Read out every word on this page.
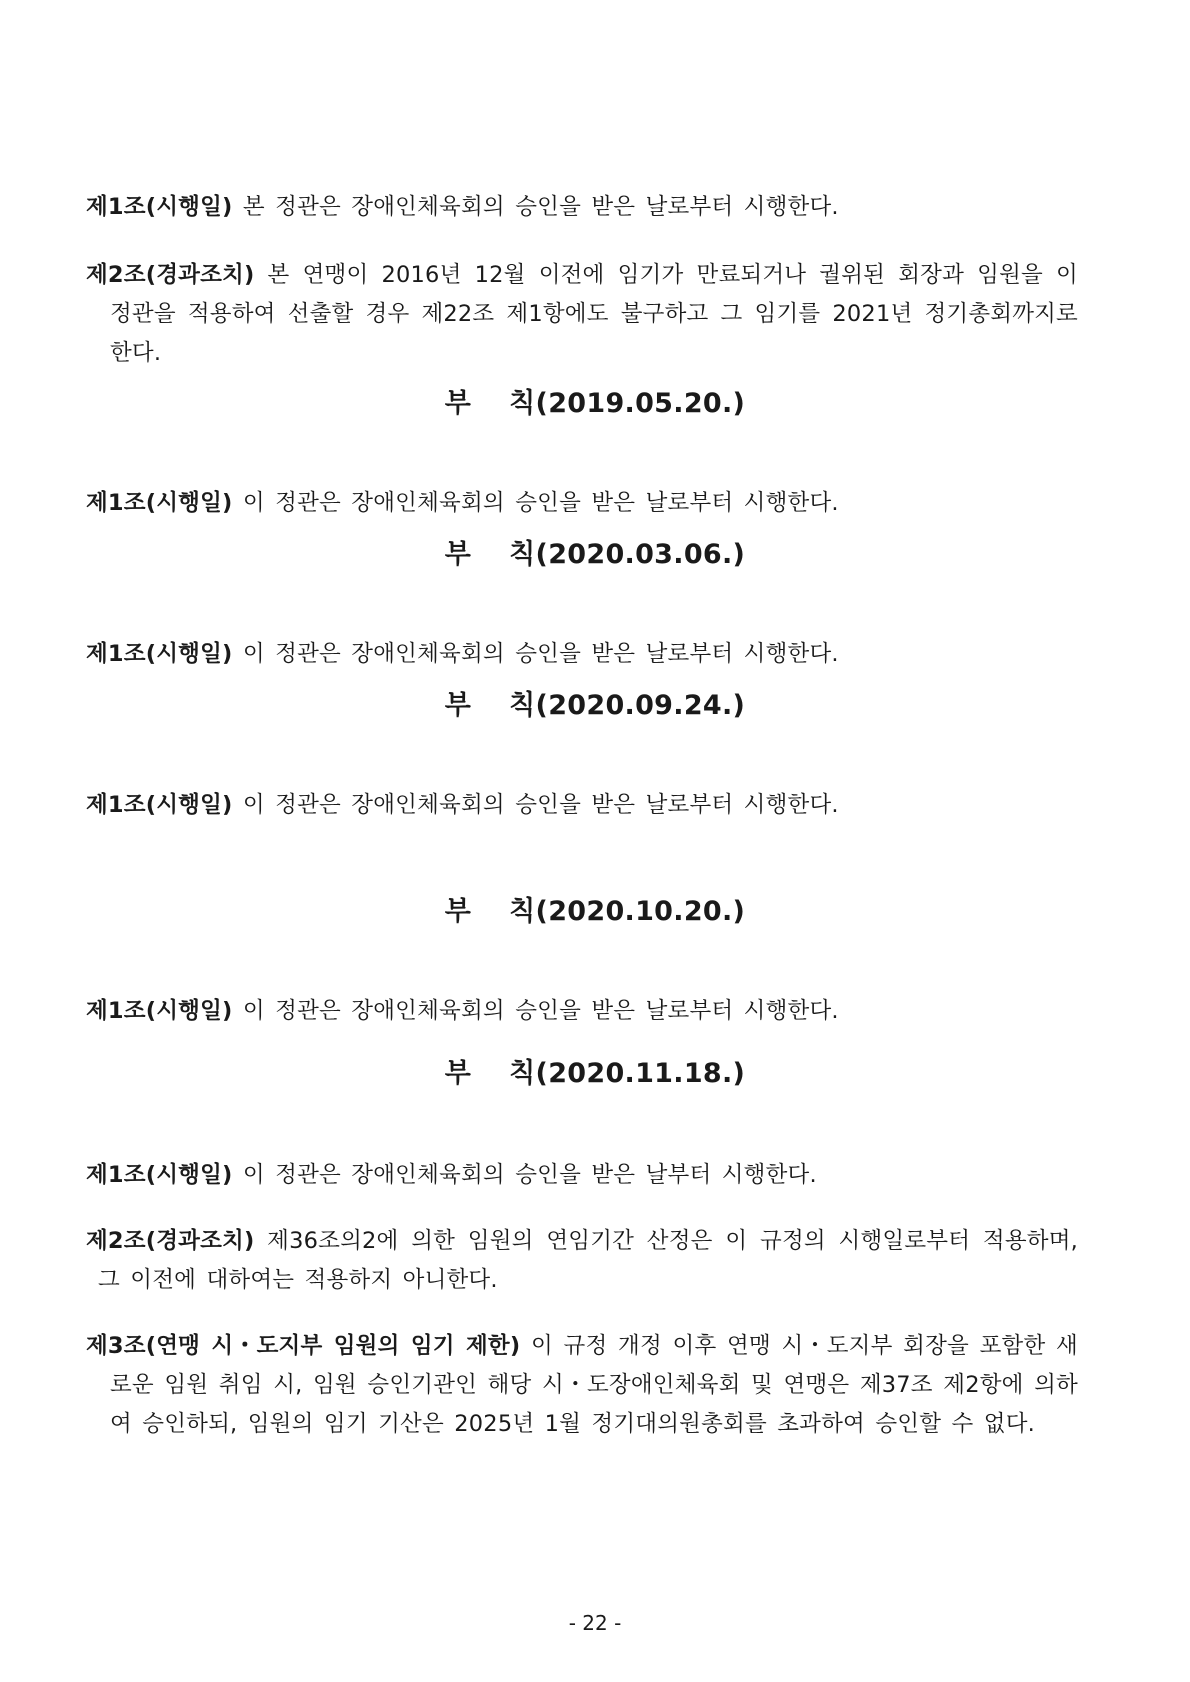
제1조(시행일) 본 정관은 장애인체육회의 승인을 받은 날로부터 시행한다.

제2조(경과조치) 본 연맹이 2016년 12월 이전에 임기가 만료되거나 궐위된 회장과 임원을 이 정관을 적용하여 선출할 경우 제22조 제1항에도 불구하고 그 임기를 2021년 정기총회까지로 한다.

부 칙(2019.05.20.)

제1조(시행일) 이 정관은 장애인체육회의 승인을 받은 날로부터 시행한다.

부 칙(2020.03.06.)

제1조(시행일) 이 정관은 장애인체육회의 승인을 받은 날로부터 시행한다.

부 칙(2020.09.24.)

제1조(시행일) 이 정관은 장애인체육회의 승인을 받은 날로부터 시행한다.

부 칙(2020.10.20.)

제1조(시행일) 이 정관은 장애인체육회의 승인을 받은 날로부터 시행한다.

부 칙(2020.11.18.)

제1조(시행일) 이 정관은 장애인체육회의 승인을 받은 날부터 시행한다.

제2조(경과조치) 제36조의2에 의한 임원의 연임기간 산정은 이 규정의 시행일로부터 적용하며, 그 이전에 대하여는 적용하지 아니한다.

제3조(연맹 시・도지부 임원의 임기 제한) 이 규정 개정 이후 연맹 시・도지부 회장을 포함한 새로운 임원 취임 시, 임원 승인기관인 해당 시・도장애인체육회 및 연맹은 제37조 제2항에 의하여 승인하되, 임원의 임기 기산은 2025년 1월 정기대의원총회를 초과하여 승인할 수 없다.

- 22 -
